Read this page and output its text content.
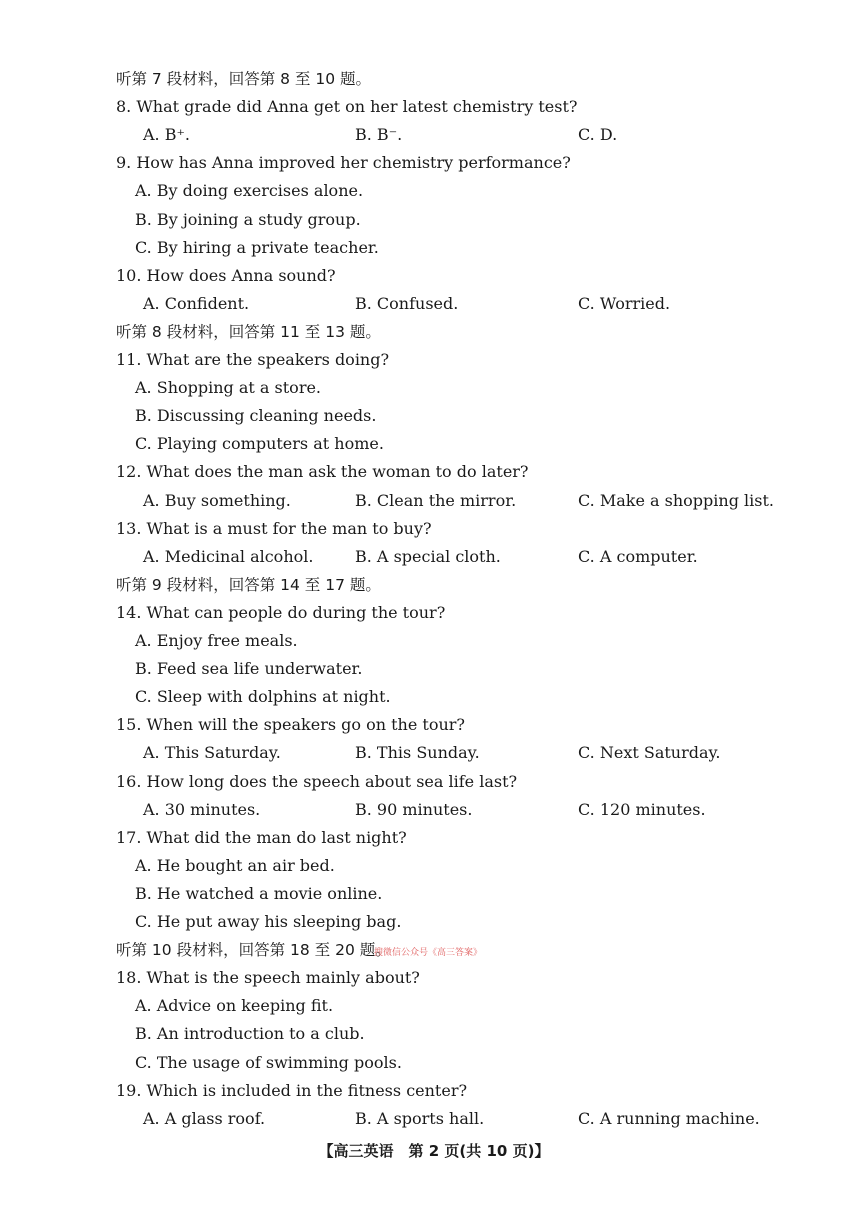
听第 7 段材料，回答第 8 至 10 题。
8. What grade did Anna get on her latest chemistry test?
A. B⁺.	B. B⁻.	C. D.
9. How has Anna improved her chemistry performance?
A. By doing exercises alone.
B. By joining a study group.
C. By hiring a private teacher.
10. How does Anna sound?
A. Confident.	B. Confused.	C. Worried.
听第 8 段材料，回答第 11 至 13 题。
11. What are the speakers doing?
A. Shopping at a store.
B. Discussing cleaning needs.
C. Playing computers at home.
12. What does the man ask the woman to do later?
A. Buy something.	B. Clean the mirror.	C. Make a shopping list.
13. What is a must for the man to buy?
A. Medicinal alcohol.	B. A special cloth.	C. A computer.
听第 9 段材料，回答第 14 至 17 题。
14. What can people do during the tour?
A. Enjoy free meals.
B. Feed sea life underwater.
C. Sleep with dolphins at night.
15. When will the speakers go on the tour?
A. This Saturday.	B. This Sunday.	C. Next Saturday.
16. How long does the speech about sea life last?
A. 30 minutes.	B. 90 minutes.	C. 120 minutes.
17. What did the man do last night?
A. He bought an air bed.
B. He watched a movie online.
C. He put away his sleeping bag.
听第 10 段材料，回答第 18 至 20 题。
18. What is the speech mainly about?
A. Advice on keeping fit.
B. An introduction to a club.
C. The usage of swimming pools.
19. Which is included in the fitness center?
A. A glass roof.	B. A sports hall.	C. A running machine.
搜微信公众号《高三答案》
【高三英语　第 2 页(共 10 页)】
